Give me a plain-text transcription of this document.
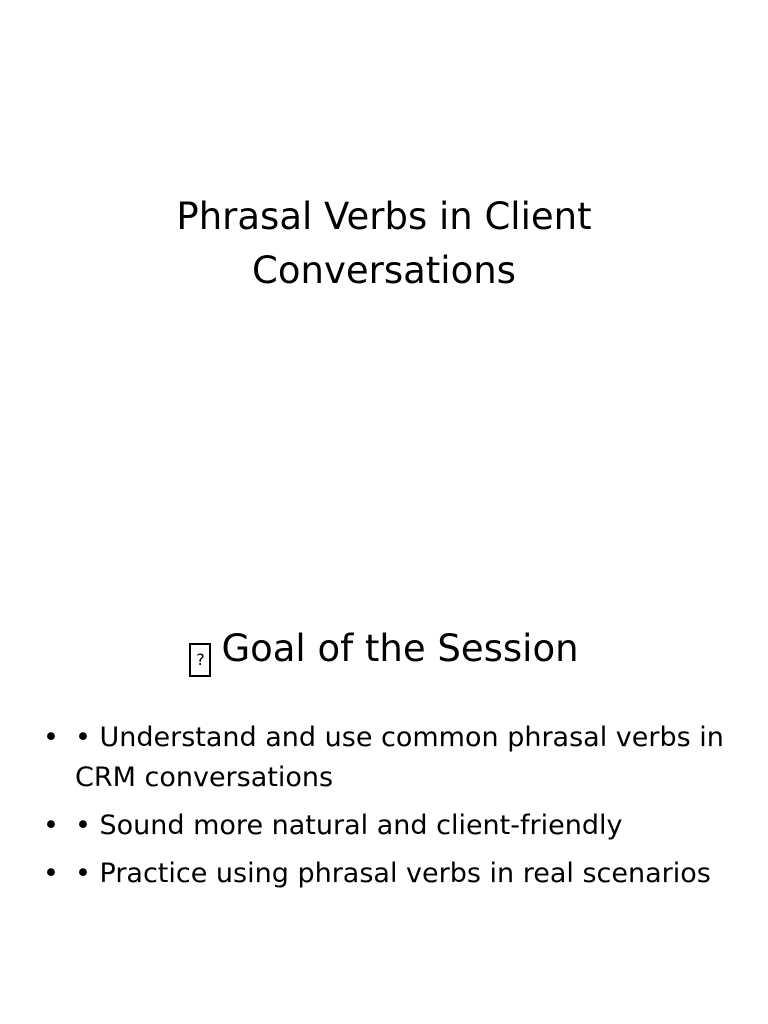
Phrasal Verbs in Client
Conversations
? Goal of the Session
• • Understand and use common phrasal verbs in CRM conversations
• • Sound more natural and client-friendly
• • Practice using phrasal verbs in real scenarios
